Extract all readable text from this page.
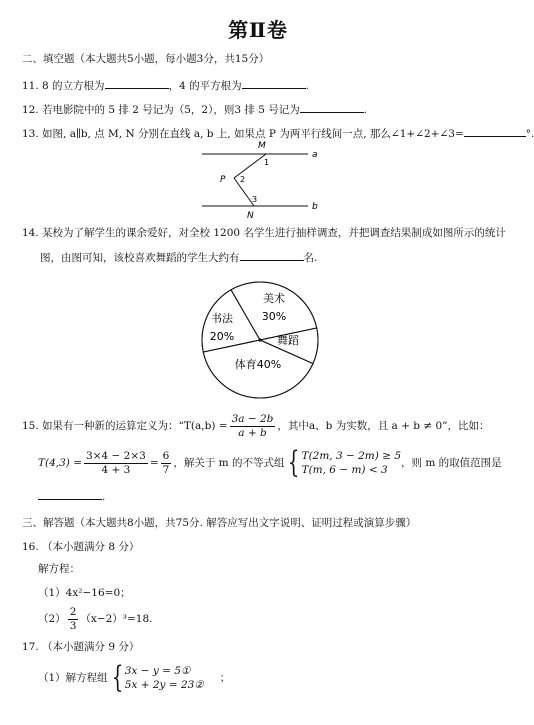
第Ⅱ卷
二、填空题（本大题共5小题，每小题3分，共15分）
11. 8 的立方根为	，4 的平方根为	.
12. 若电影院中的 5 排 2 号记为（5，2），则3 排 5 号记为	.
13. 如图, a∥b, 点 M, N 分别在直线 a, b 上, 如果点 P 为两平行线间一点, 那么∠1+∠2+∠3=	°.
M
N
P
a
b
1
2
3
14. 某校为了解学生的课余爱好，对全校 1200 名学生进行抽样调查，并把调查结果制成如图所示的统计
图，由图可知，该校喜欢舞蹈的学生大约有	名.
美术
30%
书法
20%	舞蹈
体育40%
15. 如果有一种新的运算定义为：“$T(a,b) = \frac{3a - 2b}{a + b}$ ，其中a、b 为实数，且 a + b ≠ 0”，比如：
$T(4,3) = \frac{3\times 4 - 2\times 3}{4 + 3} = \frac{6}{7}$ ，解关于 m 的不等式组 { T(2m, 3 − 2m) ≥ 5
T(m, 6 − m) < 3
，则 m 的取值范围是
.
三、解答题（本大题共8小题，共75分. 解答应写出文字说明、证明过程或演算步骤）
16. （本小题满分 8 分）
解方程：
（1）4x²−16=0；
$(2) \frac{2}{3} (x-2)^3=18$.
17. （本小题满分 9 分）
（1）解方程组 { 3x − y = 5①
5x + 2y = 23②
；
